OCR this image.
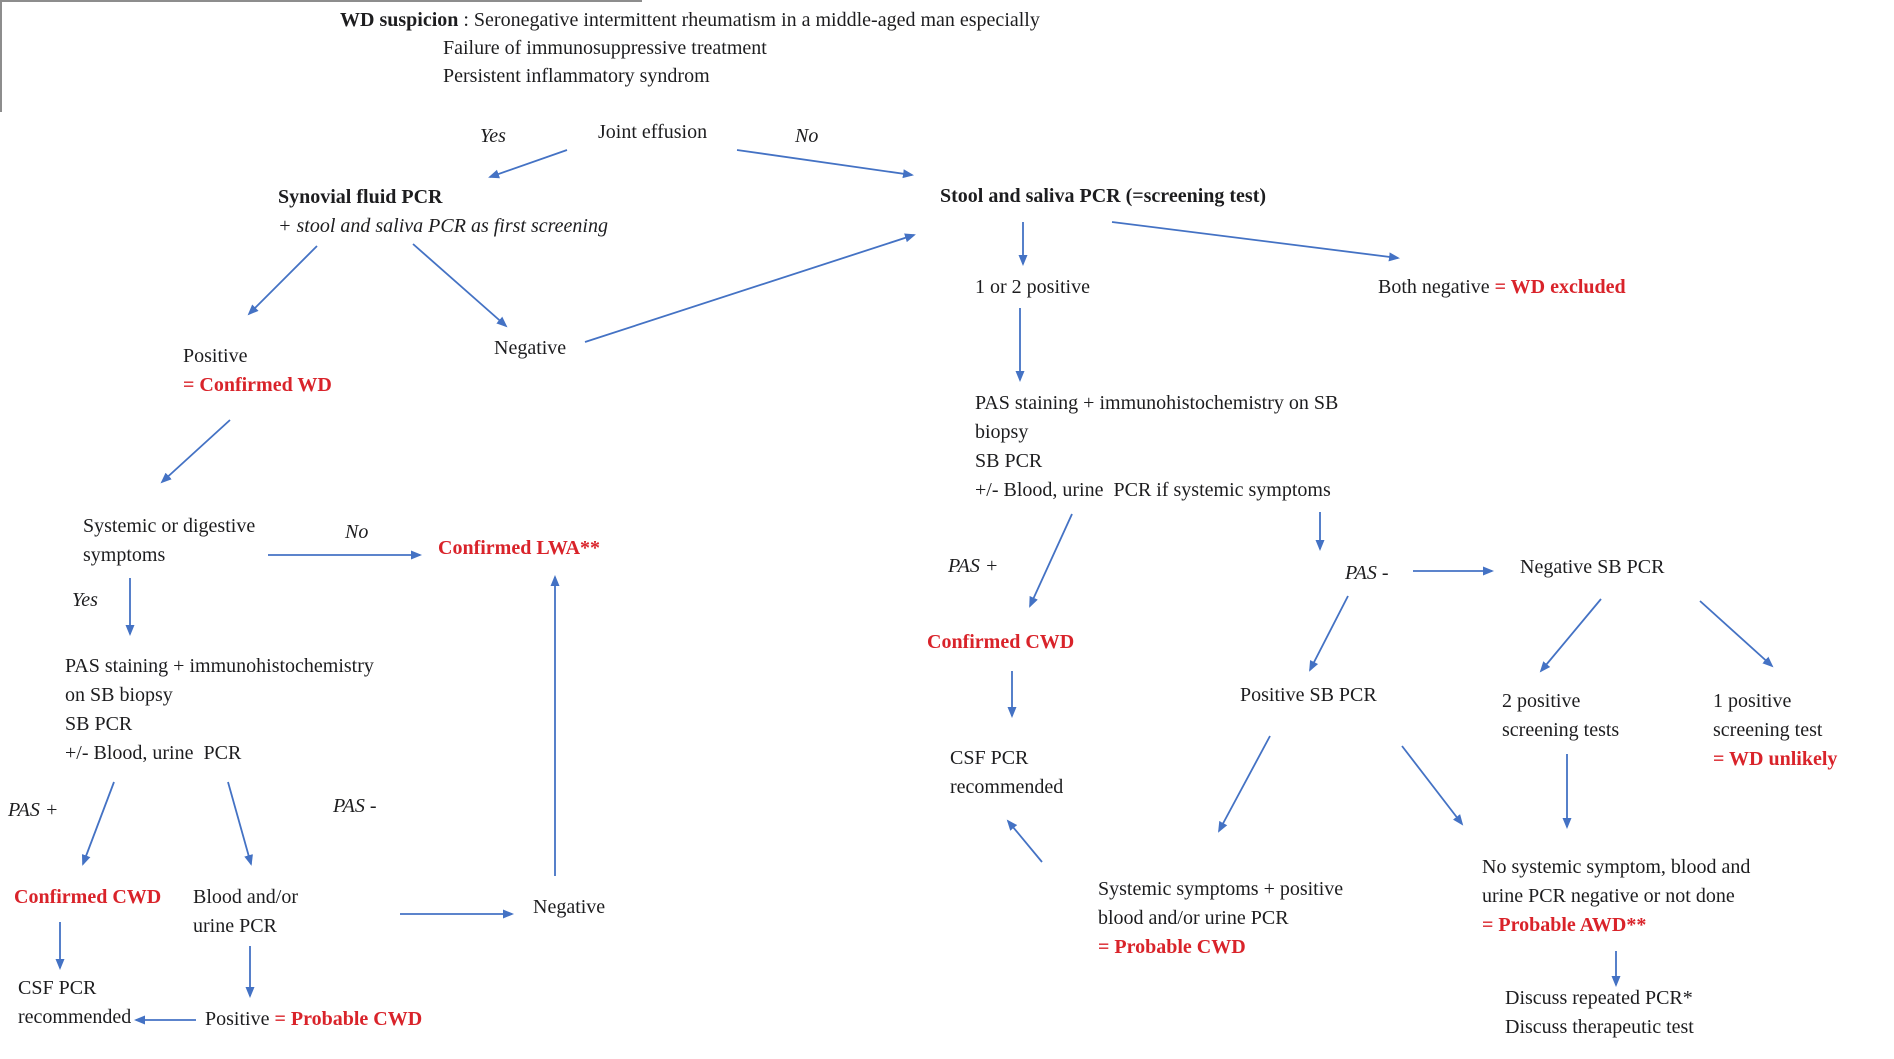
WD suspicion : Seronegative intermittent rheumatism in a middle-aged man especially
Failure of immunosuppressive treatment
Persistent inflammatory syndrom
Joint effusion
Yes	No
Synovial fluid PCR
+ stool and saliva PCR as first screening
Positive
= Confirmed WD
Negative
Systemic or digestive
symptoms
No
Confirmed LWA**
Yes
PAS staining + immunohistochemistry
on SB biopsy
SB PCR
+/- Blood, urine  PCR
PAS +	PAS -
Confirmed CWD Blood and/or
urine PCR
Negative
CSF PCR
recommended	Positive = Probable CWD
Stool and saliva PCR (=screening test)
1 or 2 positive	Both negative = WD excluded
PAS staining + immunohistochemistry on SB
biopsy
SB PCR
+/- Blood, urine  PCR if systemic symptoms
PAS +	PAS -
Confirmed CWD
CSF PCR
recommended
Positive SB PCR
Negative SB PCR
2 positive
screening tests
1 positive
screening test
= WD unlikely
Systemic symptoms + positive
blood and/or urine PCR
= Probable CWD
No systemic symptom, blood and
urine PCR negative or not done
= Probable AWD**
Discuss repeated PCR*
Discuss therapeutic test
